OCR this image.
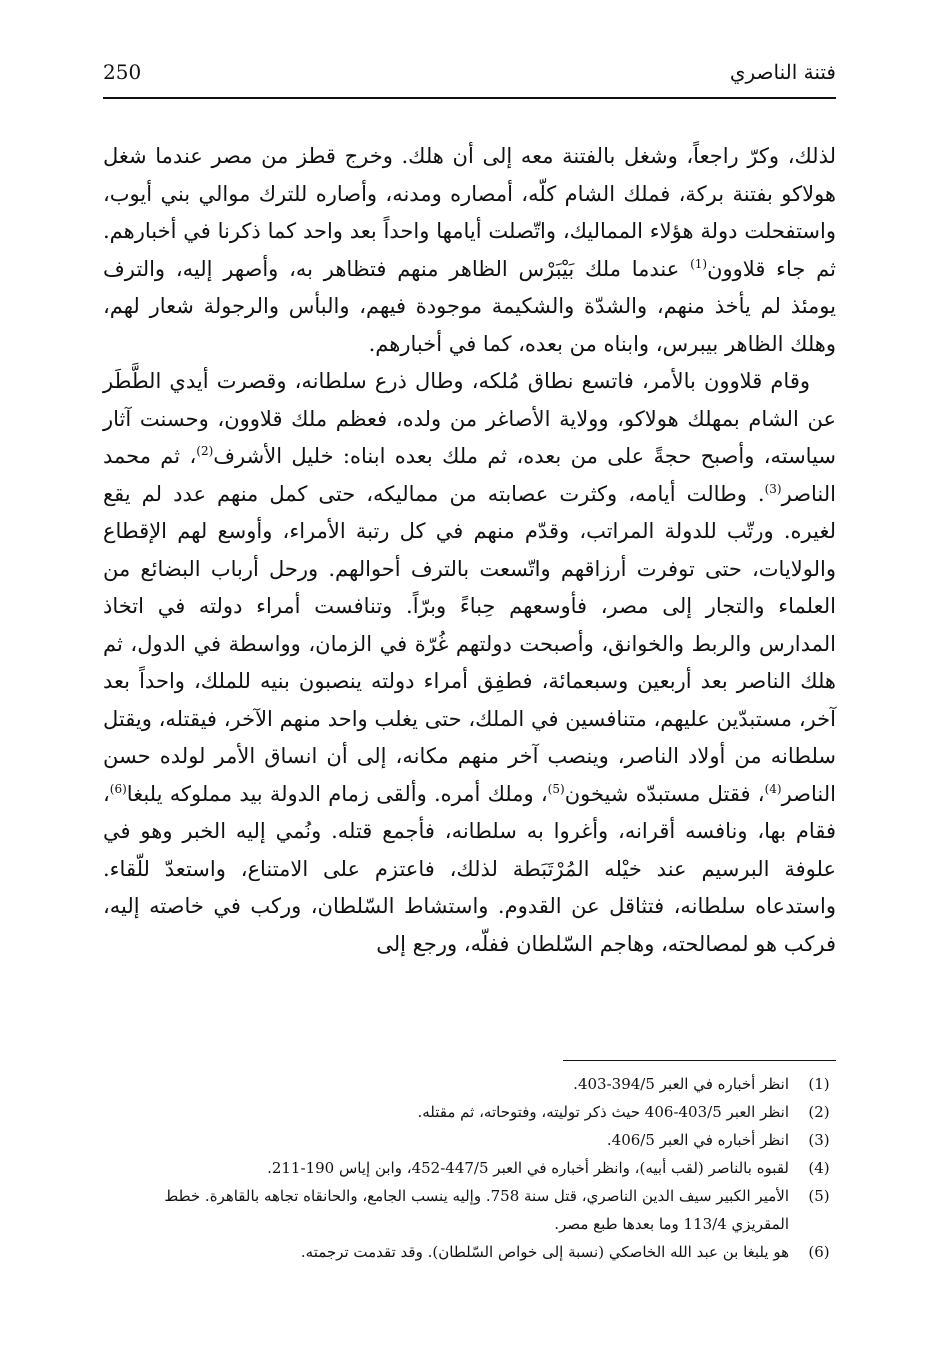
250	فتنة الناصري

لذلك، وكرّ راجعاً، وشغل بالفتنة معه إلى أن هلك. وخرج قطز من مصر عندما شغل هولاكو بفتنة بركة، فملك الشام كلّه، أمصاره ومدنه، وأصاره للترك موالي بني أيوب، واستفحلت دولة هؤلاء المماليك، واتّصلت أيامها واحداً بعد واحد كما ذكرنا في أخبارهم. ثم جاء قلاوون$^{(1)}$ عندما ملك بَيْبَرْس الظاهر منهم فتظاهر به، وأصهر إليه، والترف يومئذ لم يأخذ منهم، والشدّة والشكيمة موجودة فيهم، والبأس والرجولة شعار لهم، وهلك الظاهر بيبرس، وابناه من بعده، كما في أخبارهم.

وقام قلاوون بالأمر، فاتسع نطاق مُلكه، وطال ذرع سلطانه، وقصرت أيدي الطَّطَر عن الشام بمهلك هولاكو، وولاية الأصاغر من ولده، فعظم ملك قلاوون، وحسنت آثار سياسته، وأصبح حجةً على من بعده، ثم ملك بعده ابناه: خليل الأشرف$^{(2)}$، ثم محمد الناصر$^{(3)}$. وطالت أيامه، وكثرت عصابته من مماليكه، حتى كمل منهم عدد لم يقع لغيره. ورتّب للدولة المراتب، وقدّم منهم في كل رتبة الأمراء، وأوسع لهم الإقطاع والولايات، حتى توفرت أرزاقهم واتّسعت بالترف أحوالهم. ورحل أرباب البضائع من العلماء والتجار إلى مصر، فأوسعهم حِباءً وبرّاً. وتنافست أمراء دولته في اتخاذ المدارس والربط والخوانق، وأصبحت دولتهم غُرّة في الزمان، وواسطة في الدول، ثم هلك الناصر بعد أربعين وسبعمائة، فطفِق أمراء دولته ينصبون بنيه للملك، واحداً بعد آخر، مستبدّين عليهم، متنافسين في الملك، حتى يغلب واحد منهم الآخر، فيقتله، ويقتل سلطانه من أولاد الناصر، وينصب آخر منهم مكانه، إلى أن انساق الأمر لولده حسن الناصر$^{(4)}$، فقتل مستبدّه شيخون$^{(5)}$، وملك أمره. وألقى زمام الدولة بيد مملوكه يلبغا$^{(6)}$، فقام بها، ونافسه أقرانه، وأغروا به سلطانه، فأجمع قتله. ونُمي إليه الخبر وهو في علوفة البرسيم عند خيْله المُرْتَبَطة لذلك، فاعتزم على الامتناع، واستعدّ للّقاء. واستدعاه سلطانه، فتثاقل عن القدوم. واستشاط السّلطان، وركب في خاصته إليه، فركب هو لمصالحته، وهاجم السّلطان ففلّه، ورجع إلى

(1)
انظر أخباره في العبر 394/5-403.
(2)
انظر العبر 403/5-406 حيث ذكر توليته، وفتوحاته، ثم مقتله.
(3)
انظر أخباره في العبر 406/5.
(4)
لقبوه بالناصر (لقب أبيه)، وانظر أخباره في العبر 447/5-452، وابن إياس 190-211.
(5)
الأمير الكبير سيف الدين الناصري، قتل سنة 758. وإليه ينسب الجامع، والحانقاه تجاهه بالقاهرة. خطط المقريزي 113/4 وما بعدها طبع مصر.
(6)
هو يلبغا بن عبد الله الخاصكي (نسبة إلى خواص السّلطان). وقد تقدمت ترجمته.
